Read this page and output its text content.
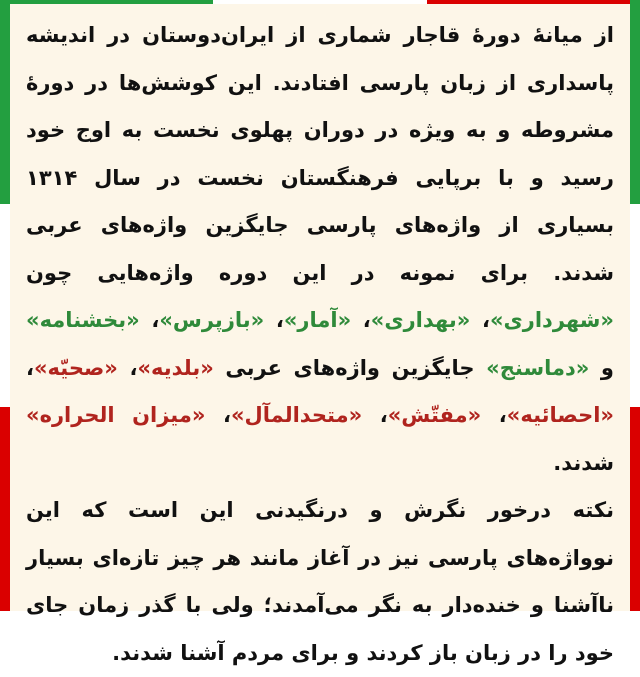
از میانهٔ دورهٔ قاجار شماری از ایران‌دوستان در اندیشه پاسداری از زبان پارسی افتادند. این کوشش‌ها در دورهٔ مشروطه و به ویژه در دوران پهلوی نخست به اوج خود رسید و با برپایی فرهنگستان نخست در سال ۱۳۱۴ بسیاری از واژه‌های پارسی جایگزین واژه‌های عربی شدند. برای نمونه در این دوره واژه‌هایی چون «شهرداری»، «بهداری»، «آمار»، «بازپرس»، «بخشنامه» و «دماسنج» جایگزین واژه‌های عربی «بلدیه»، «صحیّه»، «احصائیه»، «مفتّش»، «متحدالمآل»، «میزان الحراره» شدند.

نکته درخور نگرش و درنگیدنی این است که این نوواژه‌های پارسی نیز در آغاز مانند هر چیز تازه‌ای بسیار ناآشنا و خنده‌دار به نگر می‌آمدند؛ ولی با گذر زمان جای خود را در زبان باز کردند و برای مردم آشنا شدند.
